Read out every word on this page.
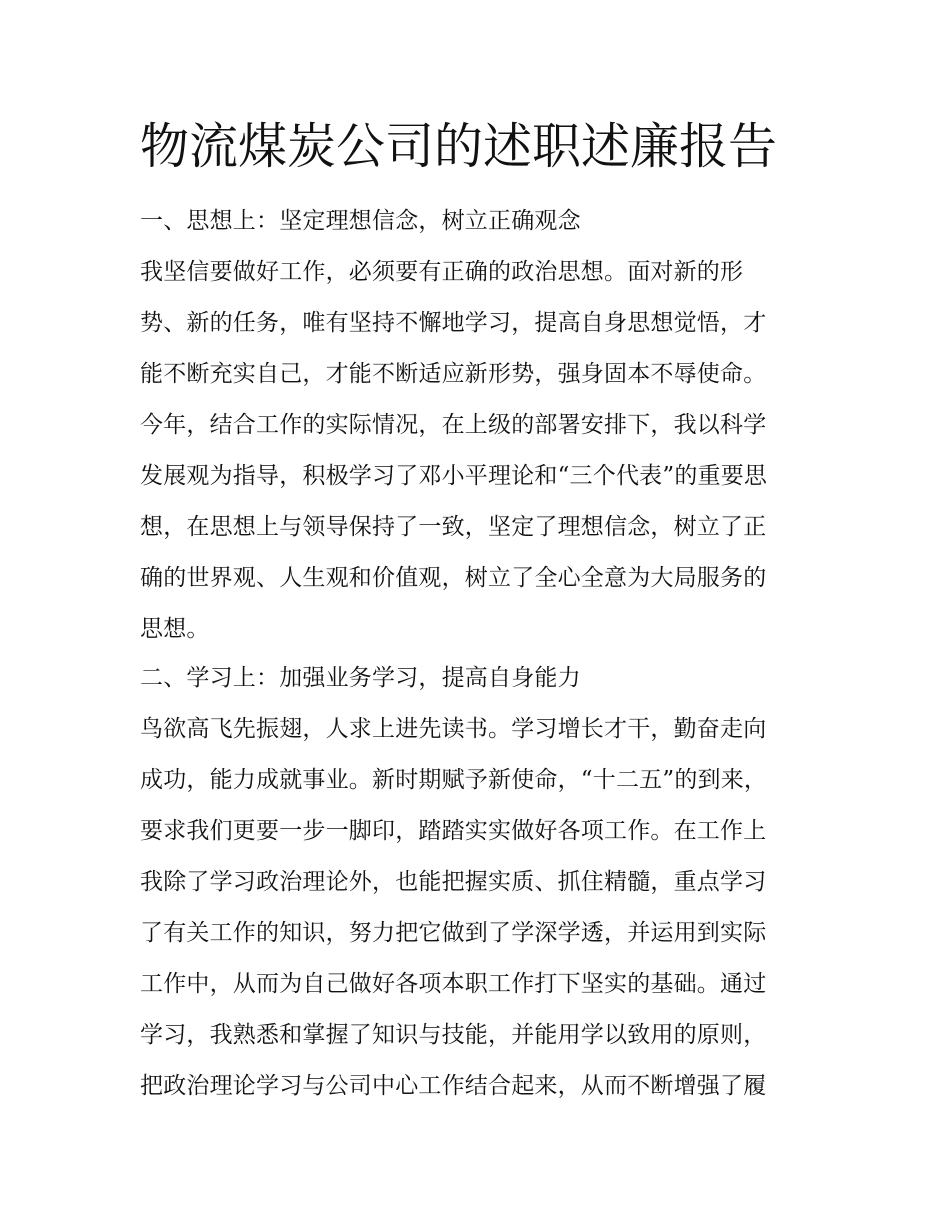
物流煤炭公司的述职述廉报告

一、思想上：坚定理想信念，树立正确观念

我坚信要做好工作，必须要有正确的政治思想。面对新的形

势、新的任务，唯有坚持不懈地学习，提高自身思想觉悟，才

能不断充实自己，才能不断适应新形势，强身固本不辱使命。

今年，结合工作的实际情况，在上级的部署安排下，我以科学

发展观为指导，积极学习了邓小平理论和“三个代表”的重要思

想，在思想上与领导保持了一致，坚定了理想信念，树立了正

确的世界观、人生观和价值观，树立了全心全意为大局服务的

思想。

二、学习上：加强业务学习，提高自身能力

鸟欲高飞先振翅，人求上进先读书。学习增长才干，勤奋走向

成功，能力成就事业。新时期赋予新使命，“十二五”的到来，

要求我们更要一步一脚印，踏踏实实做好各项工作。在工作上

我除了学习政治理论外，也能把握实质、抓住精髓，重点学习

了有关工作的知识，努力把它做到了学深学透，并运用到实际

工作中，从而为自己做好各项本职工作打下坚实的基础。通过

学习，我熟悉和掌握了知识与技能，并能用学以致用的原则，

把政治理论学习与公司中心工作结合起来，从而不断增强了履
